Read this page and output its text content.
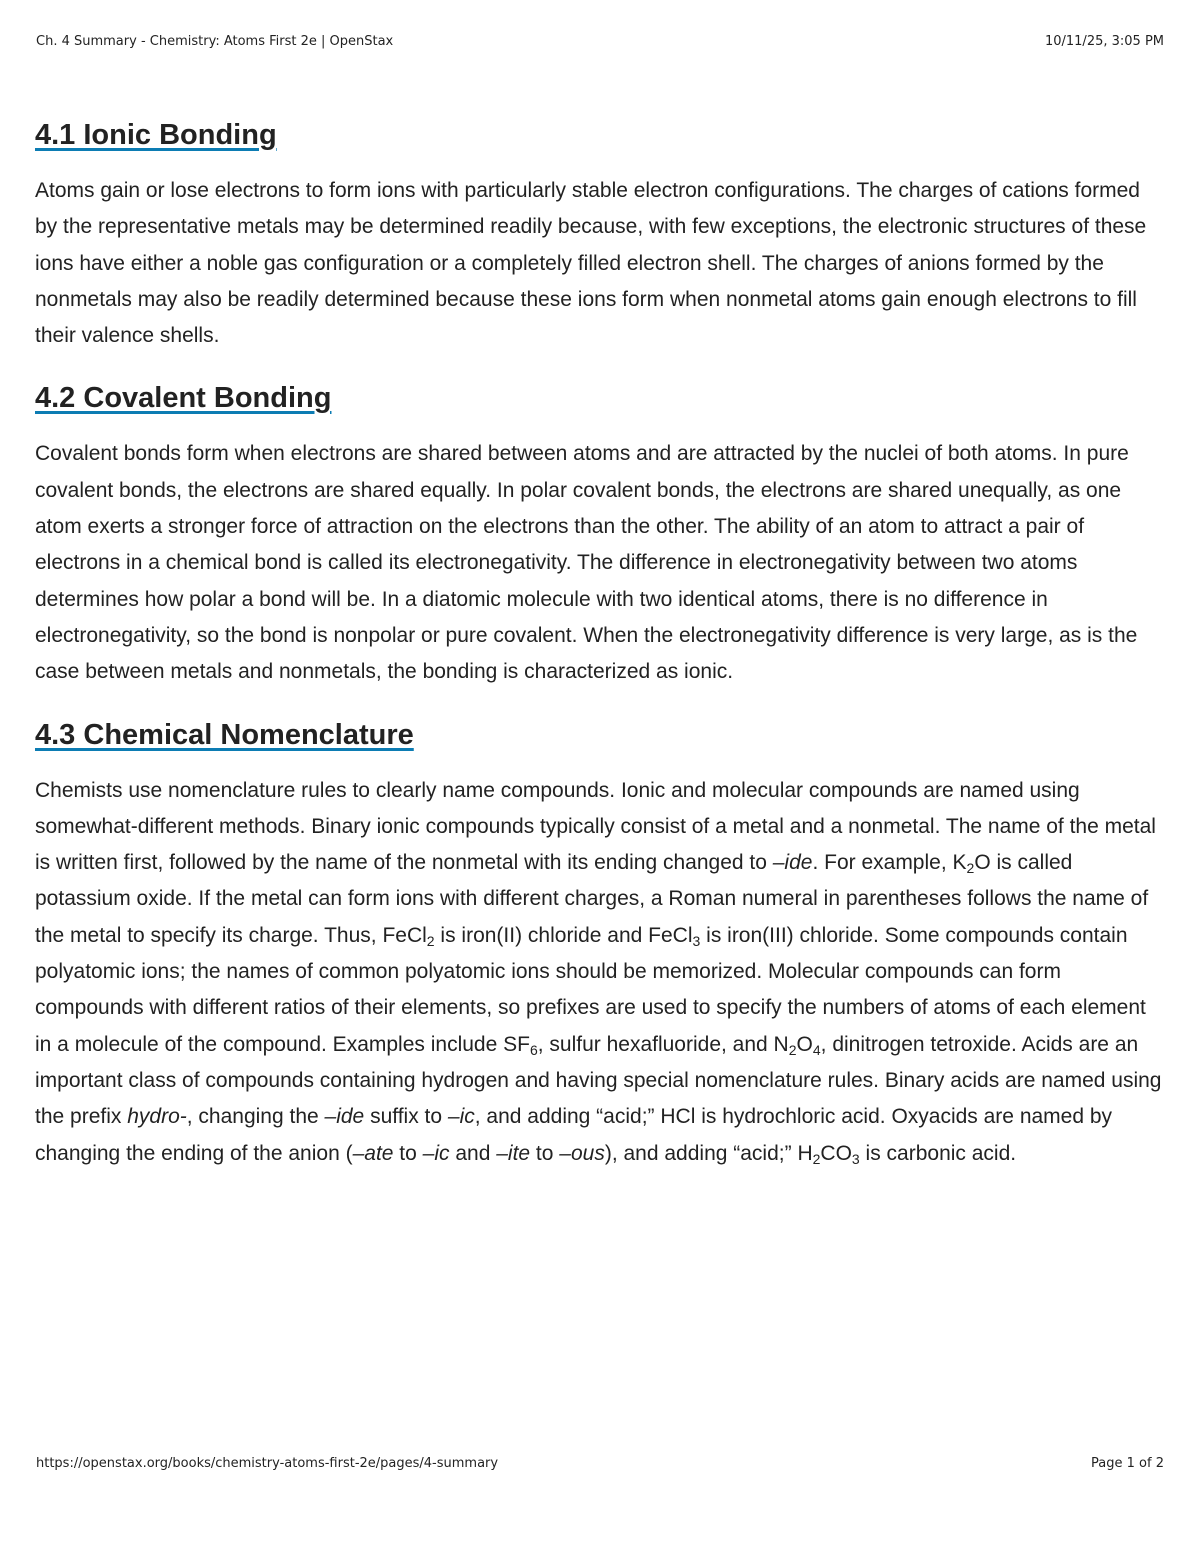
Ch. 4 Summary - Chemistry: Atoms First 2e | OpenStax	10/11/25, 3:05 PM
4.1 Ionic Bonding

Atoms gain or lose electrons to form ions with particularly stable electron configurations. The charges of cations formed by the representative metals may be determined readily because, with few exceptions, the electronic structures of these ions have either a noble gas configuration or a completely filled electron shell. The charges of anions formed by the nonmetals may also be readily determined because these ions form when nonmetal atoms gain enough electrons to fill their valence shells.

4.2 Covalent Bonding

Covalent bonds form when electrons are shared between atoms and are attracted by the nuclei of both atoms. In pure covalent bonds, the electrons are shared equally. In polar covalent bonds, the electrons are shared unequally, as one atom exerts a stronger force of attraction on the electrons than the other. The ability of an atom to attract a pair of electrons in a chemical bond is called its electronegativity. The difference in electronegativity between two atoms determines how polar a bond will be. In a diatomic molecule with two identical atoms, there is no difference in electronegativity, so the bond is nonpolar or pure covalent. When the electronegativity difference is very large, as is the case between metals and nonmetals, the bonding is characterized as ionic.

4.3 Chemical Nomenclature

Chemists use nomenclature rules to clearly name compounds. Ionic and molecular compounds are named using somewhat-different methods. Binary ionic compounds typically consist of a metal and a nonmetal. The name of the metal is written first, followed by the name of the nonmetal with its ending changed to –ide. For example, $K_2O$ is called potassium oxide. If the metal can form ions with different charges, a Roman numeral in parentheses follows the name of the metal to specify its charge. Thus, FeCl$_2$ is iron(II) chloride and FeCl$_3$ is iron(III) chloride. Some compounds contain polyatomic ions; the names of common polyatomic ions should be memorized. Molecular compounds can form compounds with different ratios of their elements, so prefixes are used to specify the numbers of atoms of each element in a molecule of the compound. Examples include $SF_6$, sulfur hexafluoride, and $N_2O_4$, dinitrogen tetroxide. Acids are an important class of compounds containing hydrogen and having special nomenclature rules. Binary acids are named using the prefix hydro-, changing the –ide suffix to –ic, and adding “acid;” HCl is hydrochloric acid. Oxyacids are named by changing the ending of the anion (–ate to –ic and –ite to –ous), and adding “acid;” $H_2CO_3$ is carbonic acid.

https://openstax.org/books/chemistry-atoms-first-2e/pages/4-summary	Page 1 of 2
